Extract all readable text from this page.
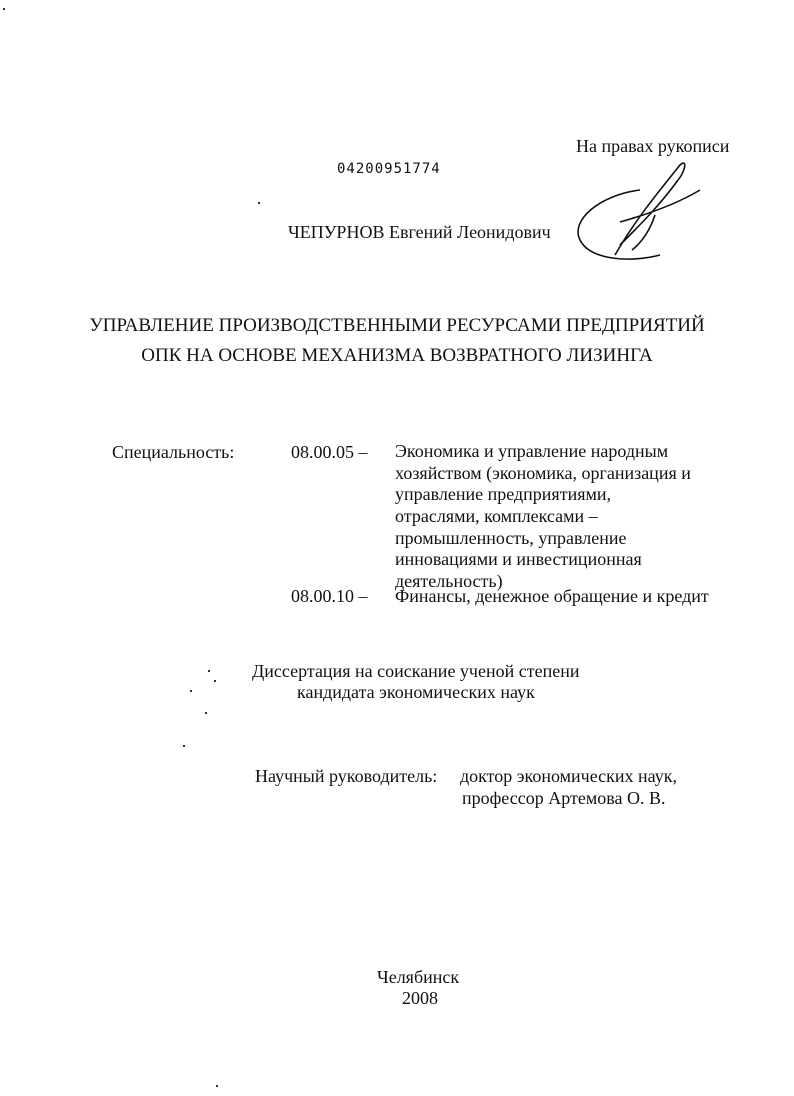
На правах рукописи
04200951774
ЧЕПУРНОВ Евгений Леонидович
УПРАВЛЕНИЕ ПРОИЗВОДСТВЕННЫМИ РЕСУРСАМИ ПРЕДПРИЯТИЙ
ОПК НА ОСНОВЕ МЕХАНИЗМА ВОЗВРАТНОГО ЛИЗИНГА
Специальность:	08.00.05 – Экономика и управление народным
хозяйством (экономика, организация и
управление предприятиями,
отраслями, комплексами –
промышленность, управление
инновациями и инвестиционная
деятельность)
08.00.10 – Финансы, денежное обращение и кредит
Диссертация на соискание ученой степени
кандидата экономических наук
Научный руководитель: доктор экономических наук,
профессор Артемова О. В.
Челябинск
2008
